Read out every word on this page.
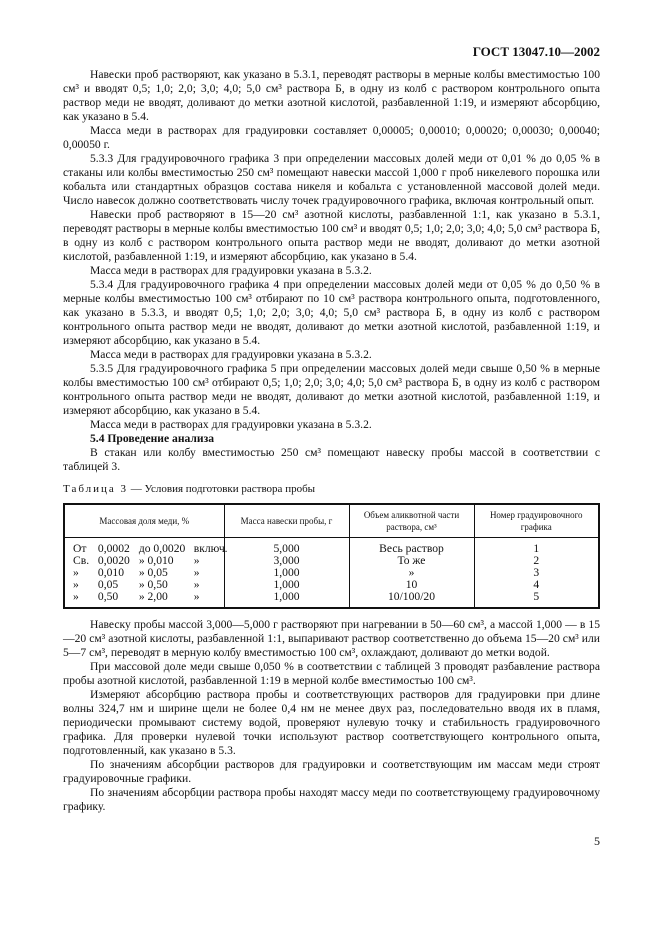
ГОСТ 13047.10—2002

Навески проб растворяют, как указано в 5.3.1, переводят растворы в мерные колбы вместимостью 100 см³ и вводят 0,5; 1,0; 2,0; 3,0; 4,0; 5,0 см³ раствора Б, в одну из колб с раствором контрольного опыта раствор меди не вводят, доливают до метки азотной кислотой, разбавленной 1:19, и измеряют абсорбцию, как указано в 5.4.

Масса меди в растворах для градуировки составляет 0,00005; 0,00010; 0,00020; 0,00030; 0,00040; 0,00050 г.

5.3.3 Для градуировочного графика 3 при определении массовых долей меди от 0,01 % до 0,05 % в стаканы или колбы вместимостью 250 см³ помещают навески массой 1,000 г проб никелевого порошка или кобальта или стандартных образцов состава никеля и кобальта с установленной массовой долей меди. Число навесок должно соответствовать числу точек градуировочного графика, включая контрольный опыт.

Навески проб растворяют в 15—20 см³ азотной кислоты, разбавленной 1:1, как указано в 5.3.1, переводят растворы в мерные колбы вместимостью 100 см³ и вводят 0,5; 1,0; 2,0; 3,0; 4,0; 5,0 см³ раствора Б, в одну из колб с раствором контрольного опыта раствор меди не вводят, доливают до метки азотной кислотой, разбавленной 1:19, и измеряют абсорбцию, как указано в 5.4.

Масса меди в растворах для градуировки указана в 5.3.2.

5.3.4 Для градуировочного графика 4 при определении массовых долей меди от 0,05 % до 0,50 % в мерные колбы вместимостью 100 см³ отбирают по 10 см³ раствора контрольного опыта, подготовленного, как указано в 5.3.3, и вводят 0,5; 1,0; 2,0; 3,0; 4,0; 5,0 см³ раствора Б, в одну из колб с раствором контрольного опыта раствор меди не вводят, доливают до метки азотной кислотой, разбавленной 1:19, и измеряют абсорбцию, как указано в 5.4.

Масса меди в растворах для градуировки указана в 5.3.2.

5.3.5 Для градуировочного графика 5 при определении массовых долей меди свыше 0,50 % в мерные колбы вместимостью 100 см³ отбирают 0,5; 1,0; 2,0; 3,0; 4,0; 5,0 см³ раствора Б, в одну из колб с раствором контрольного опыта раствор меди не вводят, доливают до метки азотной кислотой, разбавленной 1:19, и измеряют абсорбцию, как указано в 5.4.

Масса меди в растворах для градуировки указана в 5.3.2.

5.4 Проведение анализа

В стакан или колбу вместимостью 250 см³ помещают навеску пробы массой в соответствии с таблицей 3.

Таблица 3 — Условия подготовки раствора пробы
Массовая доля меди, %	Масса навески пробы, г	Объем аликвотной части раствора, см³	Номер градуировочного графика
От 0,0002 до 0,0020 включ.	5,000	Весь раствор	1
Св. 0,0020 » 0,010 »	3,000	То же	2
» 0,010 » 0,05 »	1,000	»	3
» 0,05 » 0,50 »	1,000	10	4
» 0,50 » 2,00 »	1,000	10/100/20	5

Навеску пробы массой 3,000—5,000 г растворяют при нагревании в 50—60 см³, а массой 1,000 — в 15—20 см³ азотной кислоты, разбавленной 1:1, выпаривают раствор соответственно до объема 15—20 см³ или 5—7 см³, переводят в мерную колбу вместимостью 100 см³, охлаждают, доливают до метки водой.

При массовой доле меди свыше 0,050 % в соответствии с таблицей 3 проводят разбавление раствора пробы азотной кислотой, разбавленной 1:19 в мерной колбе вместимостью 100 см³.

Измеряют абсорбцию раствора пробы и соответствующих растворов для градуировки при длине волны 324,7 нм и ширине щели не более 0,4 нм не менее двух раз, последовательно вводя их в пламя, периодически промывают систему водой, проверяют нулевую точку и стабильность градуировочного графика. Для проверки нулевой точки используют раствор соответствующего контрольного опыта, подготовленный, как указано в 5.3.

По значениям абсорбции растворов для градуировки и соответствующим им массам меди строят градуировочные графики.

По значениям абсорбции раствора пробы находят массу меди по соответствующему градуировочному графику.

5
